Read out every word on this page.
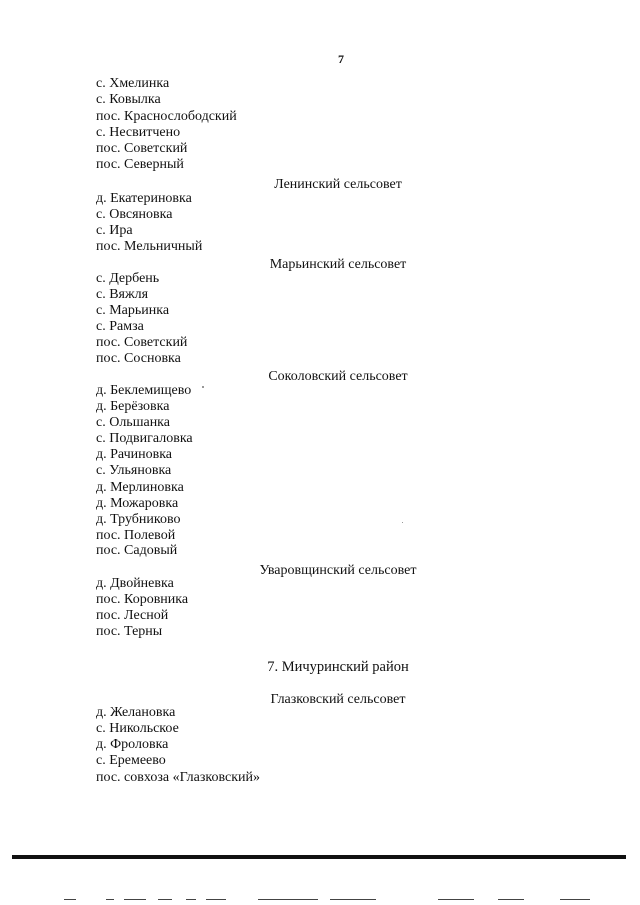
7
с. Хмелинка
с. Ковылка
пос. Краснослободский
с. Несвитчено
пос. Советский
пос. Северный
Ленинский сельсовет
д. Екатериновка
с. Овсяновка
с. Ира
пос. Мельничный
Марьинский сельсовет
с. Дербень
с. Вяжля
с. Марьинка
с. Рамза
пос. Советский
пос. Сосновка
Соколовский сельсовет
д. Беклемищево
д. Берёзовка
с. Ольшанка
с. Подвигаловка
д. Рачиновка
с. Ульяновка
д. Мерлиновка
д. Можаровка
д. Трубниково
пос. Полевой
пос. Садовый
Уваровщинский сельсовет
д. Двойневка
пос. Коровника
пос. Лесной
пос. Терны
7. Мичуринский район
Глазковский сельсовет
д. Желановка
с. Никольское
д. Фроловка
с. Еремеево
пос. совхоза «Глазковский»
